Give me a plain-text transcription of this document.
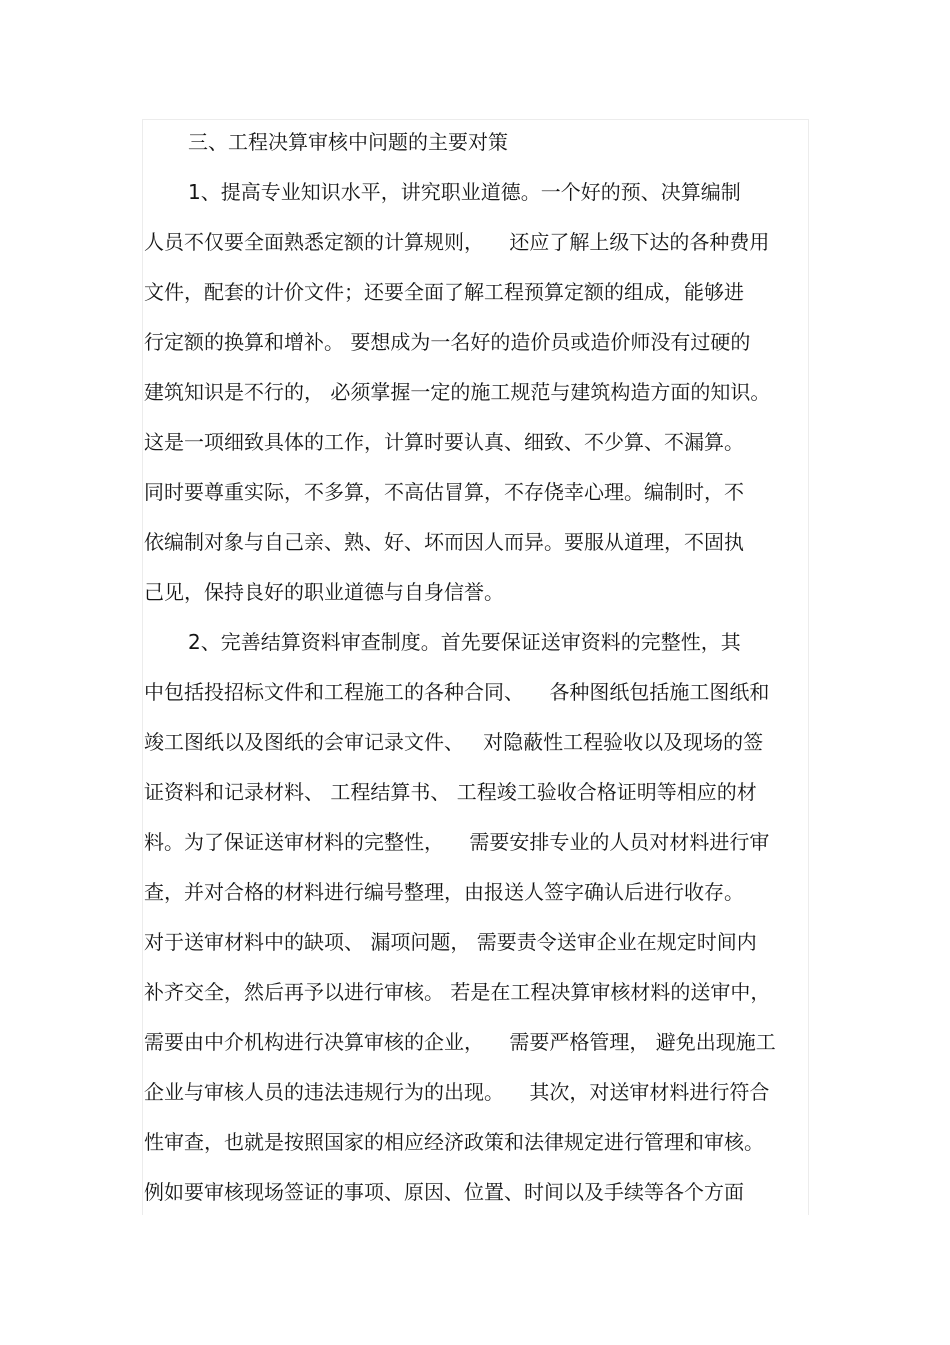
三、工程决算审核中问题的主要对策
1、提高专业知识水平，讲究职业道德。一个好的预、决算编制
人员不仅要全面熟悉定额的计算规则，    还应了解上级下达的各种费用
文件，配套的计价文件；还要全面了解工程预算定额的组成，能够进
行定额的换算和增补。 要想成为一名好的造价员或造价师没有过硬的
建筑知识是不行的， 必须掌握一定的施工规范与建筑构造方面的知识。
这是一项细致具体的工作，计算时要认真、细致、不少算、不漏算。
同时要尊重实际，不多算，不高估冒算，不存侥幸心理。编制时，不
依编制对象与自己亲、熟、好、坏而因人而异。要服从道理，不固执
己见，保持良好的职业道德与自身信誉。
2、完善结算资料审查制度。首先要保证送审资料的完整性，其
中包括投招标文件和工程施工的各种合同、    各种图纸包括施工图纸和
竣工图纸以及图纸的会审记录文件、   对隐蔽性工程验收以及现场的签
证资料和记录材料、 工程结算书、 工程竣工验收合格证明等相应的材
料。为了保证送审材料的完整性，    需要安排专业的人员对材料进行审
查，并对合格的材料进行编号整理，由报送人签字确认后进行收存。
对于送审材料中的缺项、 漏项问题， 需要责令送审企业在规定时间内
补齐交全，然后再予以进行审核。 若是在工程决算审核材料的送审中，
需要由中介机构进行决算审核的企业，    需要严格管理， 避免出现施工
企业与审核人员的违法违规行为的出现。    其次，对送审材料进行符合
性审查，也就是按照国家的相应经济政策和法律规定进行管理和审核。
例如要审核现场签证的事项、原因、位置、时间以及手续等各个方面
